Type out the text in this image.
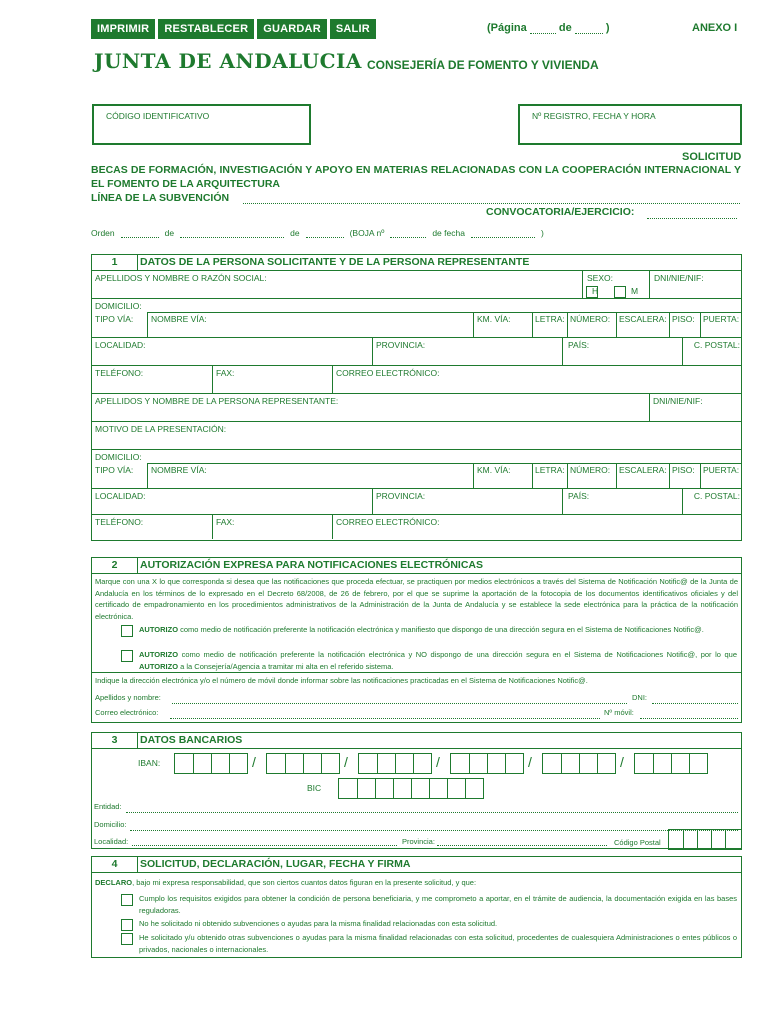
IMPRIMIR	RESTABLECER	GUARDAR	SALIR	(Página	de	)	ANEXO I
JUNTA DE ANDALUCIA CONSEJERÍA DE FOMENTO Y VIVIENDA
CÓDIGO IDENTIFICATIVO	Nº REGISTRO, FECHA Y HORA
SOLICITUD
BECAS DE FORMACIÓN, INVESTIGACIÓN Y APOYO EN MATERIAS RELACIONADAS CON LA COOPERACIÓN INTERNACIONAL Y EL FOMENTO DE LA ARQUITECTURA
LÍNEA DE LA SUBVENCIÓN
CONVOCATORIA/EJERCICIO:
Orden	de	de	(BOJA nº	de fecha	)
1	DATOS DE LA PERSONA SOLICITANTE Y DE LA PERSONA REPRESENTANTE
APELLIDOS Y NOMBRE O RAZÓN SOCIAL:	SEXO:
H	M
DNI/NIE/NIF:
DOMICILIO:
TIPO VÍA: NOMBRE VÍA:	KM. VÍA:	LETRA: NÚMERO: ESCALERA: PISO: PUERTA:
LOCALIDAD:	PROVINCIA:	PAÍS:	C. POSTAL:
TELÉFONO:	FAX:	CORREO ELECTRÓNICO:
APELLIDOS Y NOMBRE DE LA PERSONA REPRESENTANTE:	DNI/NIE/NIF:
MOTIVO DE LA PRESENTACIÓN:
DOMICILIO:
TIPO VÍA: NOMBRE VÍA:	KM. VÍA:	LETRA: NÚMERO: ESCALERA: PISO: PUERTA:
LOCALIDAD:	PROVINCIA:	PAÍS:	C. POSTAL:
TELÉFONO:	FAX:	CORREO ELECTRÓNICO:
2	AUTORIZACIÓN EXPRESA PARA NOTIFICACIONES ELECTRÓNICAS
Marque con una X lo que corresponda si desea que las notificaciones que proceda efectuar, se practiquen por medios electrónicos a través del Sistema de Notificación Notific@ de la Junta de Andalucía en los términos de lo expresado en el Decreto 68/2008, de 26 de febrero, por el que se suprime la aportación de la fotocopia de los documentos identificativos oficiales y del certificado de empadronamiento en los procedimientos administrativos de la Administración de la Junta de Andalucía y se establece la sede electrónica para la práctica de la notificación electrónica.
AUTORIZO como medio de notificación preferente la notificación electrónica y manifiesto que dispongo de una dirección segura en el Sistema de Notificaciones Notific@.
AUTORIZO como medio de notificación preferente la notificación electrónica y NO dispongo de una dirección segura en el Sistema de Notificaciones Notific@, por lo que AUTORIZO a la Consejería/Agencia a tramitar mi alta en el referido sistema.
Indique la dirección electrónica y/o el número de móvil donde informar sobre las notificaciones practicadas en el Sistema de Notificaciones Notific@.
Apellidos y nombre:	DNI:
Correo electrónico:	Nº móvil:
3	DATOS BANCARIOS
IBAN:	/	/	/	/	/
BIC
Entidad:
Domicilio:
Localidad:	Provincia:	Código Postal
4	SOLICITUD, DECLARACIÓN, LUGAR, FECHA Y FIRMA
DECLARO, bajo mi expresa responsabilidad, que son ciertos cuantos datos figuran en la presente solicitud, y que:
Cumplo los requisitos exigidos para obtener la condición de persona beneficiaria, y me comprometo a aportar, en el trámite de audiencia, la documentación exigida en las bases reguladoras.
No he solicitado ni obtenido subvenciones o ayudas para la misma finalidad relacionadas con esta solicitud.
He solicitado y/u obtenido otras subvenciones o ayudas para la misma finalidad relacionadas con esta solicitud, procedentes de cualesquiera Administraciones o entes públicos o privados, nacionales o internacionales.
